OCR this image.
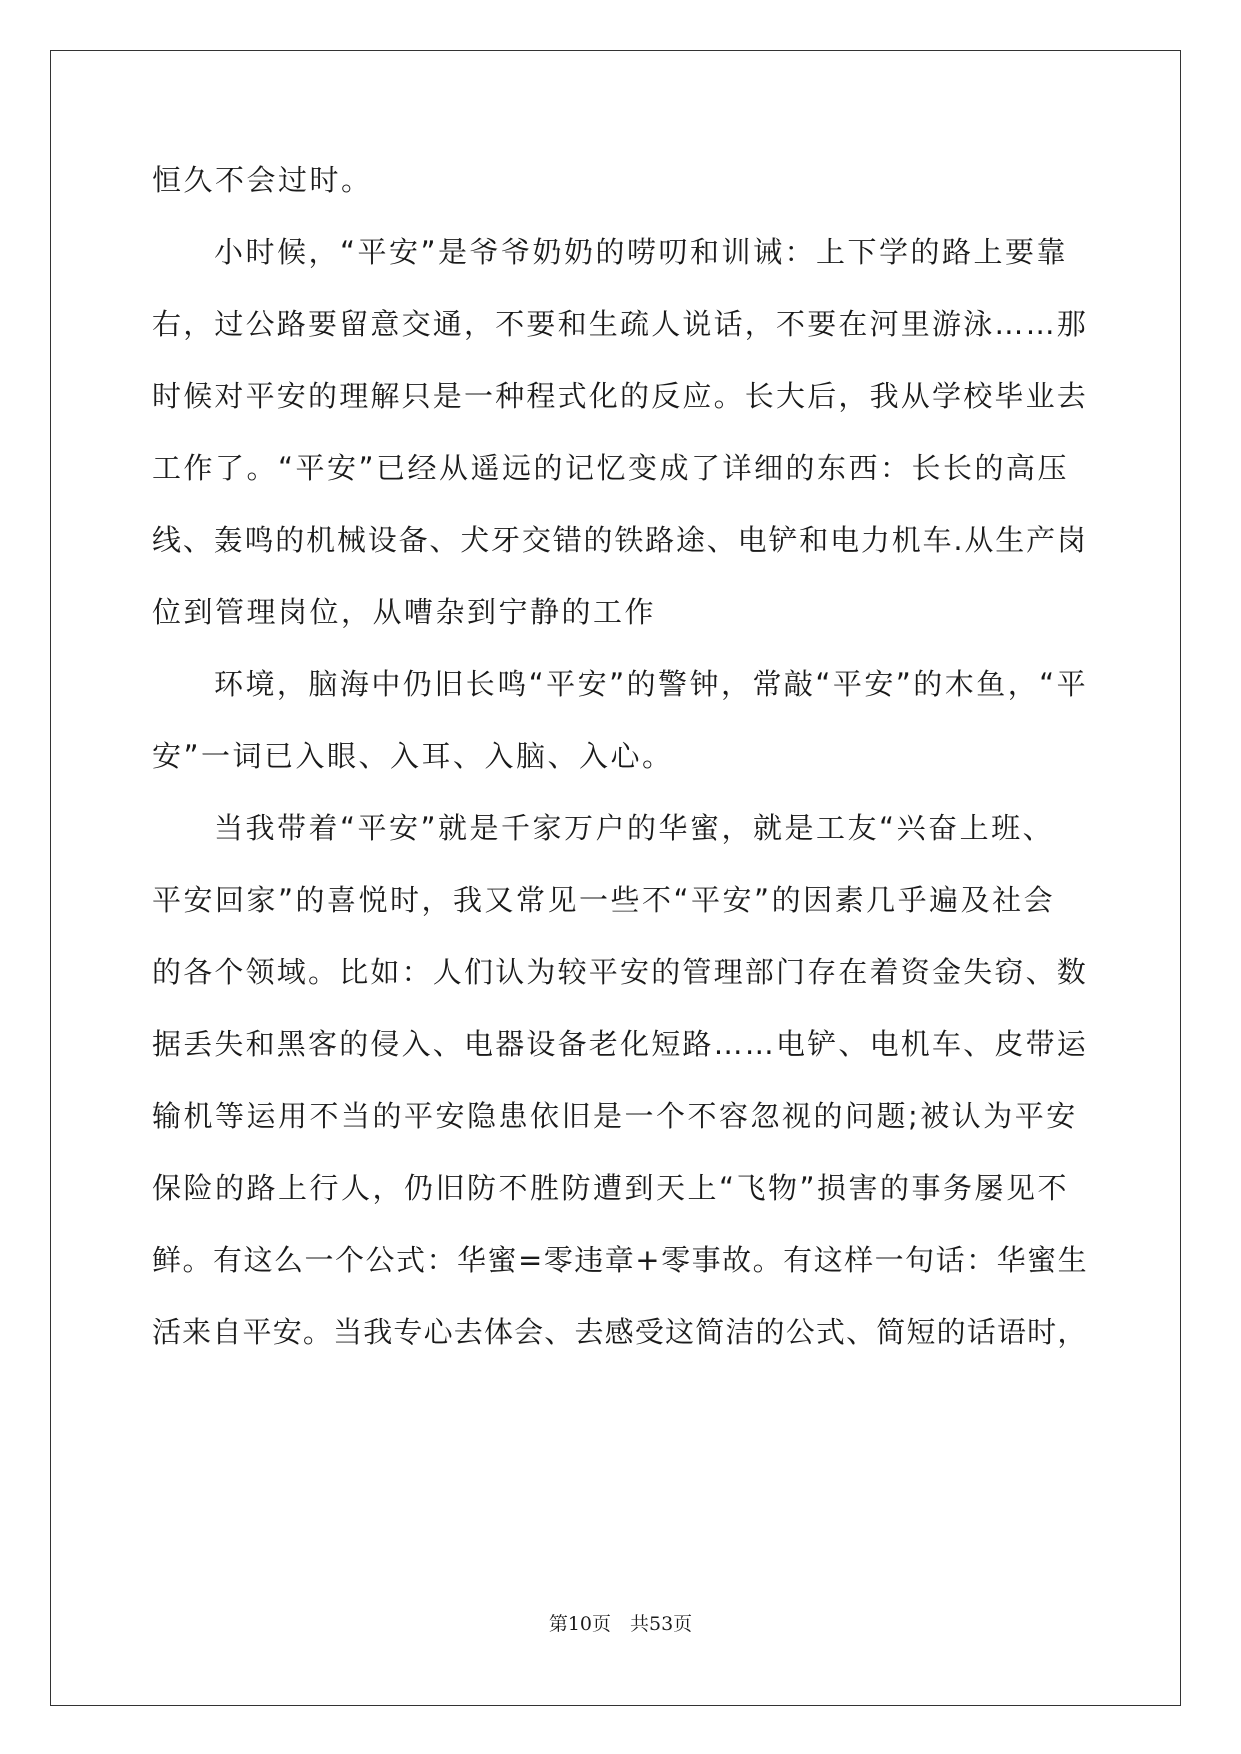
恒久不会过时。
小时候，“平安”是爷爷奶奶的唠叨和训诫：上下学的路上要靠
右，过公路要留意交通，不要和生疏人说话，不要在河里游泳……那
时候对平安的理解只是一种程式化的反应。长大后，我从学校毕业去
工作了。“平安”已经从遥远的记忆变成了详细的东西：长长的高压
线、轰鸣的机械设备、犬牙交错的铁路途、电铲和电力机车.从生产岗
位到管理岗位，从嘈杂到宁静的工作
环境，脑海中仍旧长鸣“平安”的警钟，常敲“平安”的木鱼，“平
安”一词已入眼、入耳、入脑、入心。
当我带着“平安”就是千家万户的华蜜，就是工友“兴奋上班、
平安回家”的喜悦时，我又常见一些不“平安”的因素几乎遍及社会
的各个领域。比如：人们认为较平安的管理部门存在着资金失窃、数
据丢失和黑客的侵入、电器设备老化短路……电铲、电机车、皮带运
输机等运用不当的平安隐患依旧是一个不容忽视的问题;被认为平安
保险的路上行人，仍旧防不胜防遭到天上“飞物”损害的事务屡见不
鲜。有这么一个公式：华蜜=零违章+零事故。有这样一句话：华蜜生
活来自平安。当我专心去体会、去感受这简洁的公式、简短的话语时，
第10页　共53页
